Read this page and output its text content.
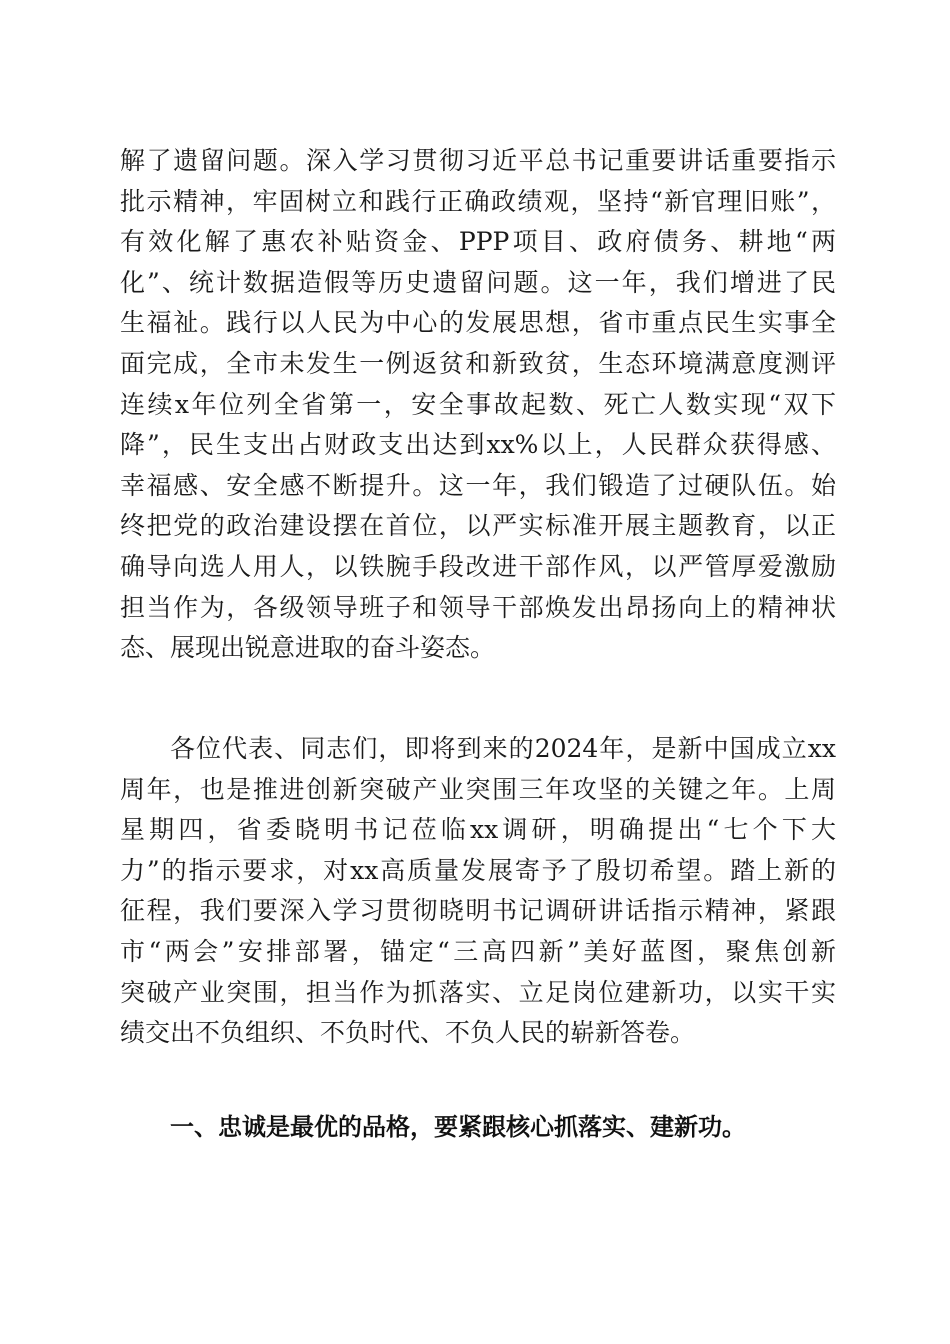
解了遗留问题。深入学习贯彻习近平总书记重要讲话重要指示
批示精神，牢固树立和践行正确政绩观，坚持“新官理旧账”，
有效化解了惠农补贴资金、PPP项目、政府债务、耕地“两
化”、统计数据造假等历史遗留问题。这一年，我们增进了民
生福祉。践行以人民为中心的发展思想，省市重点民生实事全
面完成，全市未发生一例返贫和新致贫，生态环境满意度测评
连续x年位列全省第一，安全事故起数、死亡人数实现“双下
降”，民生支出占财政支出达到xx%以上，人民群众获得感、
幸福感、安全感不断提升。这一年，我们锻造了过硬队伍。始
终把党的政治建设摆在首位，以严实标准开展主题教育，以正
确导向选人用人，以铁腕手段改进干部作风，以严管厚爱激励
担当作为，各级领导班子和领导干部焕发出昂扬向上的精神状
态、展现出锐意进取的奋斗姿态。
各位代表、同志们，即将到来的2024年，是新中国成立xx
周年，也是推进创新突破产业突围三年攻坚的关键之年。上周
星期四，省委晓明书记莅临xx调研，明确提出“七个下大
力”的指示要求，对xx高质量发展寄予了殷切希望。踏上新的
征程，我们要深入学习贯彻晓明书记调研讲话指示精神，紧跟
市“两会”安排部署，锚定“三高四新”美好蓝图，聚焦创新
突破产业突围，担当作为抓落实、立足岗位建新功，以实干实
绩交出不负组织、不负时代、不负人民的崭新答卷。
一、忠诚是最优的品格，要紧跟核心抓落实、建新功。
